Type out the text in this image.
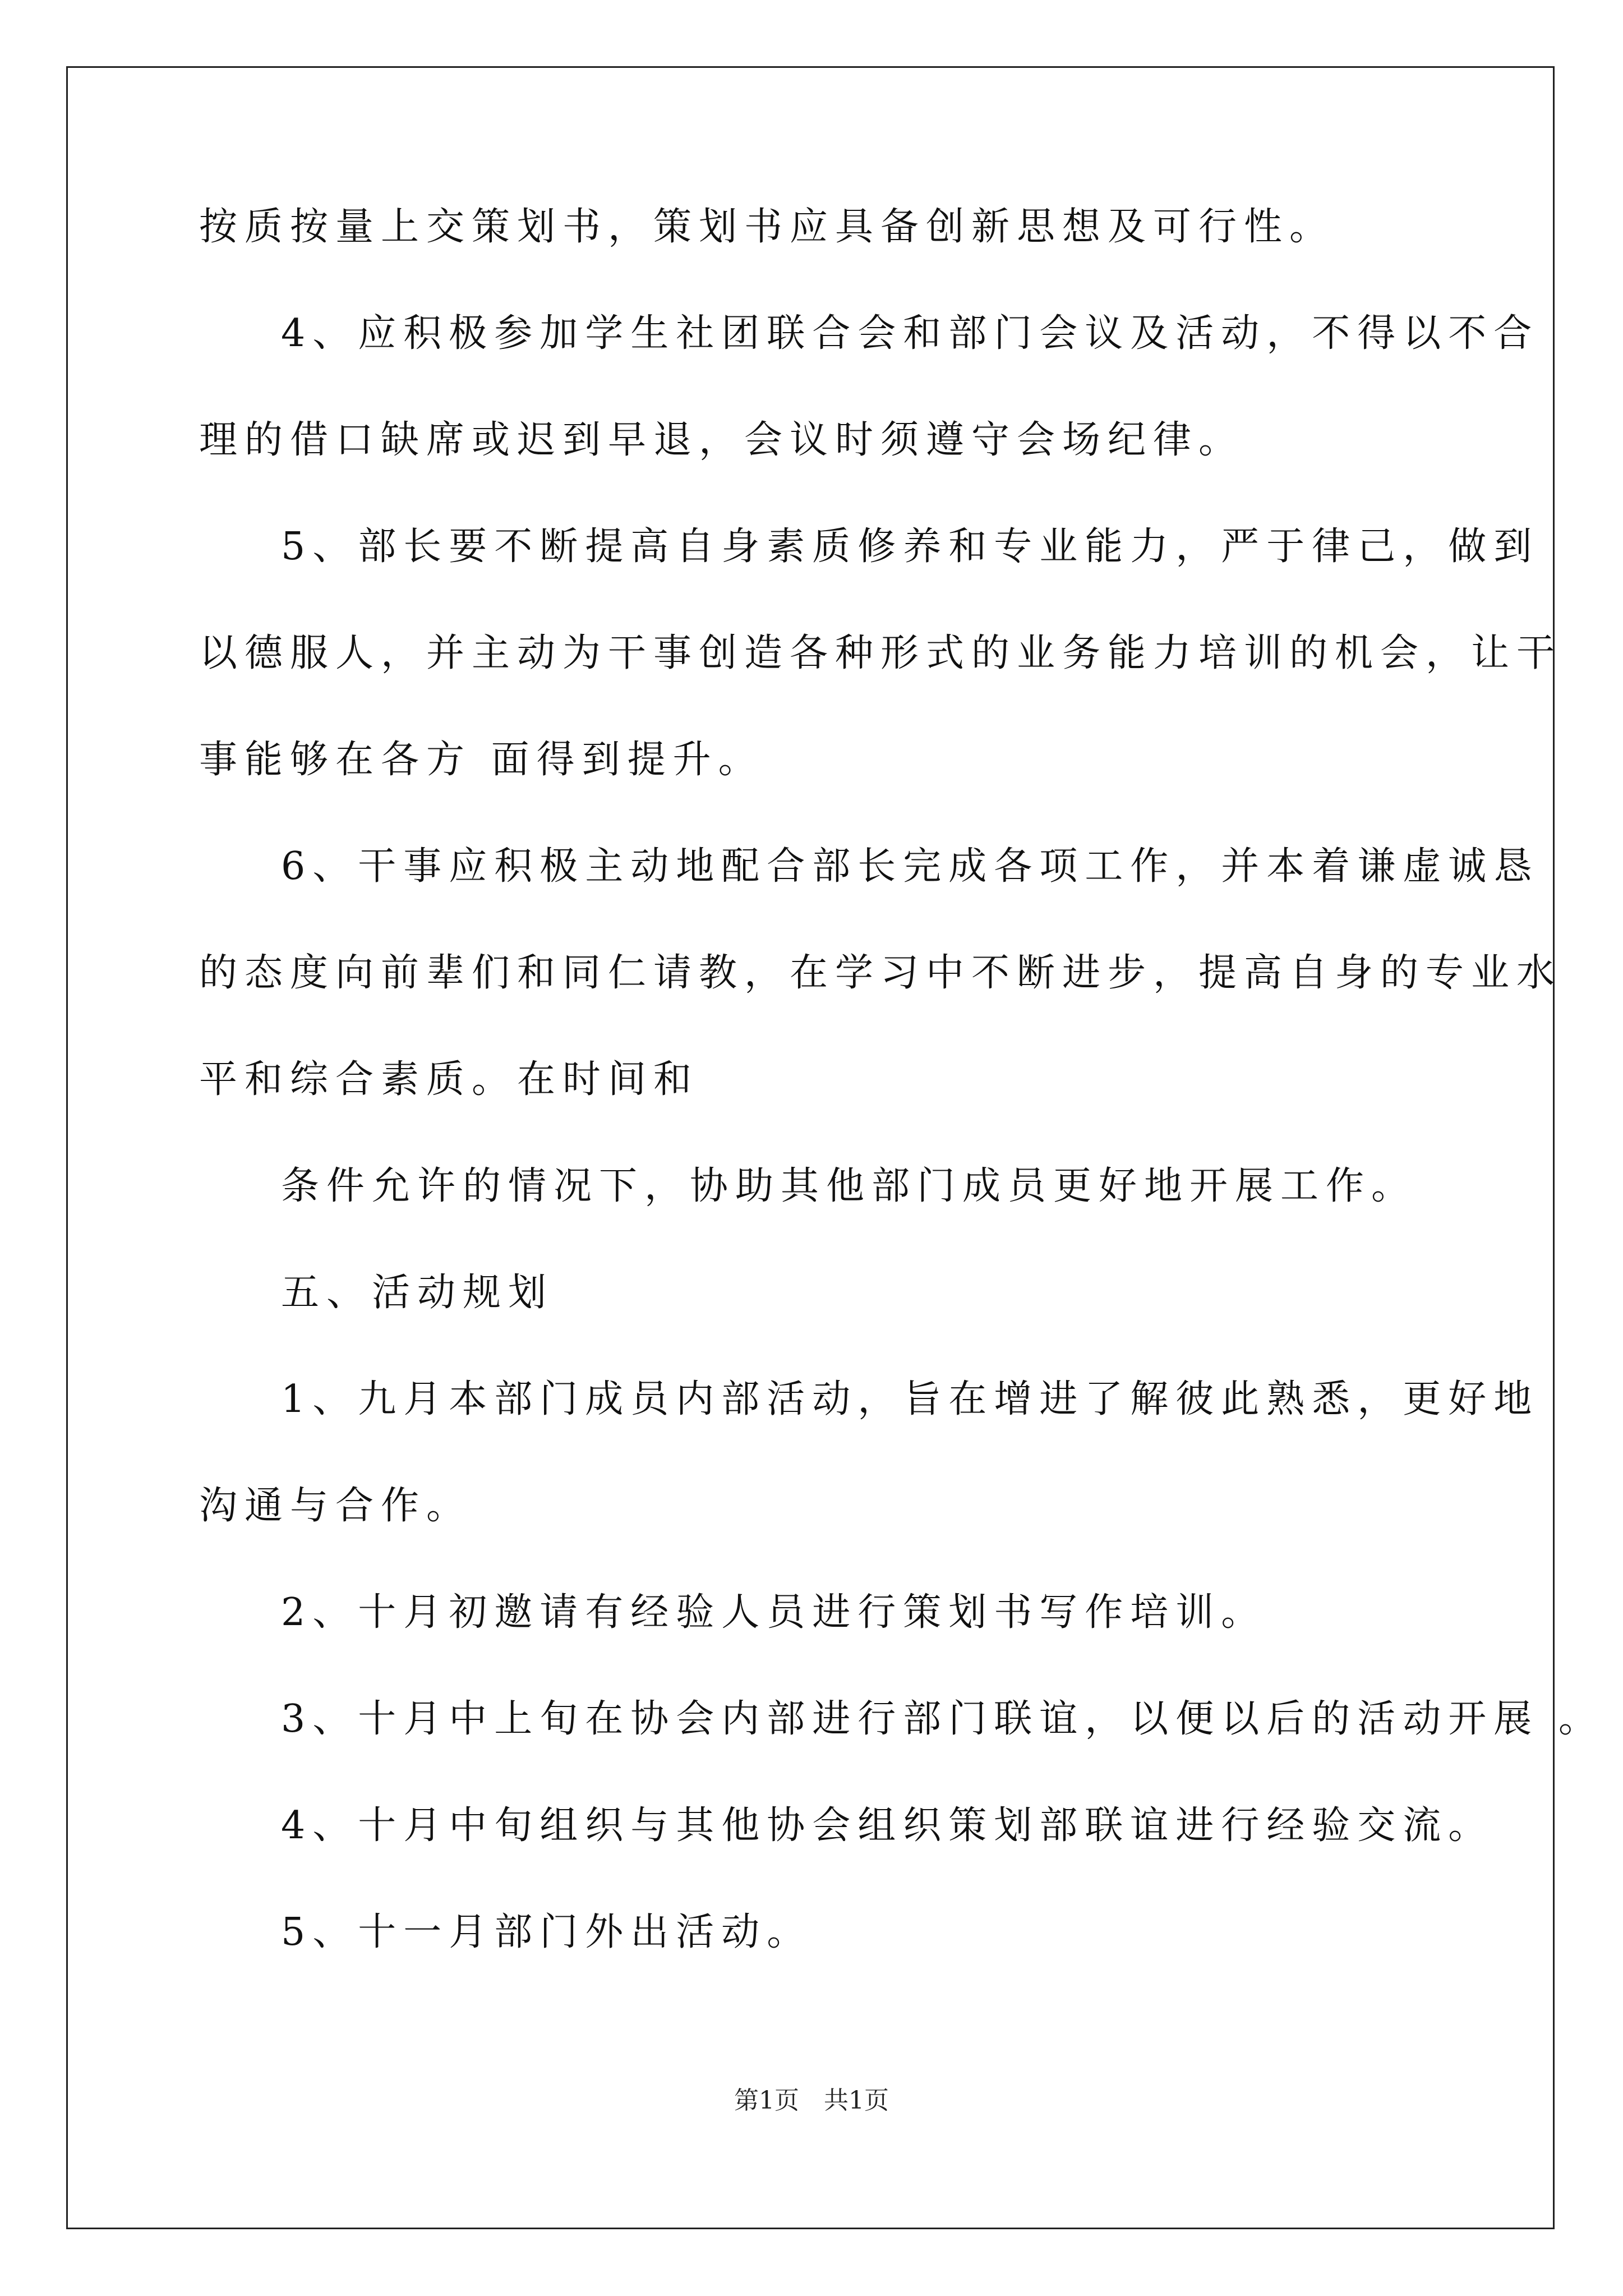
按质按量上交策划书，策划书应具备创新思想及可行性。
4、应积极参加学生社团联合会和部门会议及活动，不得以不合
理的借口缺席或迟到早退，会议时须遵守会场纪律。
5、部长要不断提高自身素质修养和专业能力，严于律己，做到
以德服人，并主动为干事创造各种形式的业务能力培训的机会，让干
事能够在各方 面得到提升。
6、干事应积极主动地配合部长完成各项工作，并本着谦虚诚恳
的态度向前辈们和同仁请教，在学习中不断进步，提高自身的专业水
平和综合素质。在时间和
条件允许的情况下，协助其他部门成员更好地开展工作。
五、活动规划
1、九月本部门成员内部活动，旨在增进了解彼此熟悉，更好地
沟通与合作。
2、十月初邀请有经验人员进行策划书写作培训。
3、十月中上旬在协会内部进行部门联谊，以便以后的活动开展 。
4、十月中旬组织与其他协会组织策划部联谊进行经验交流。
5、十一月部门外出活动。
第1页　共1页
